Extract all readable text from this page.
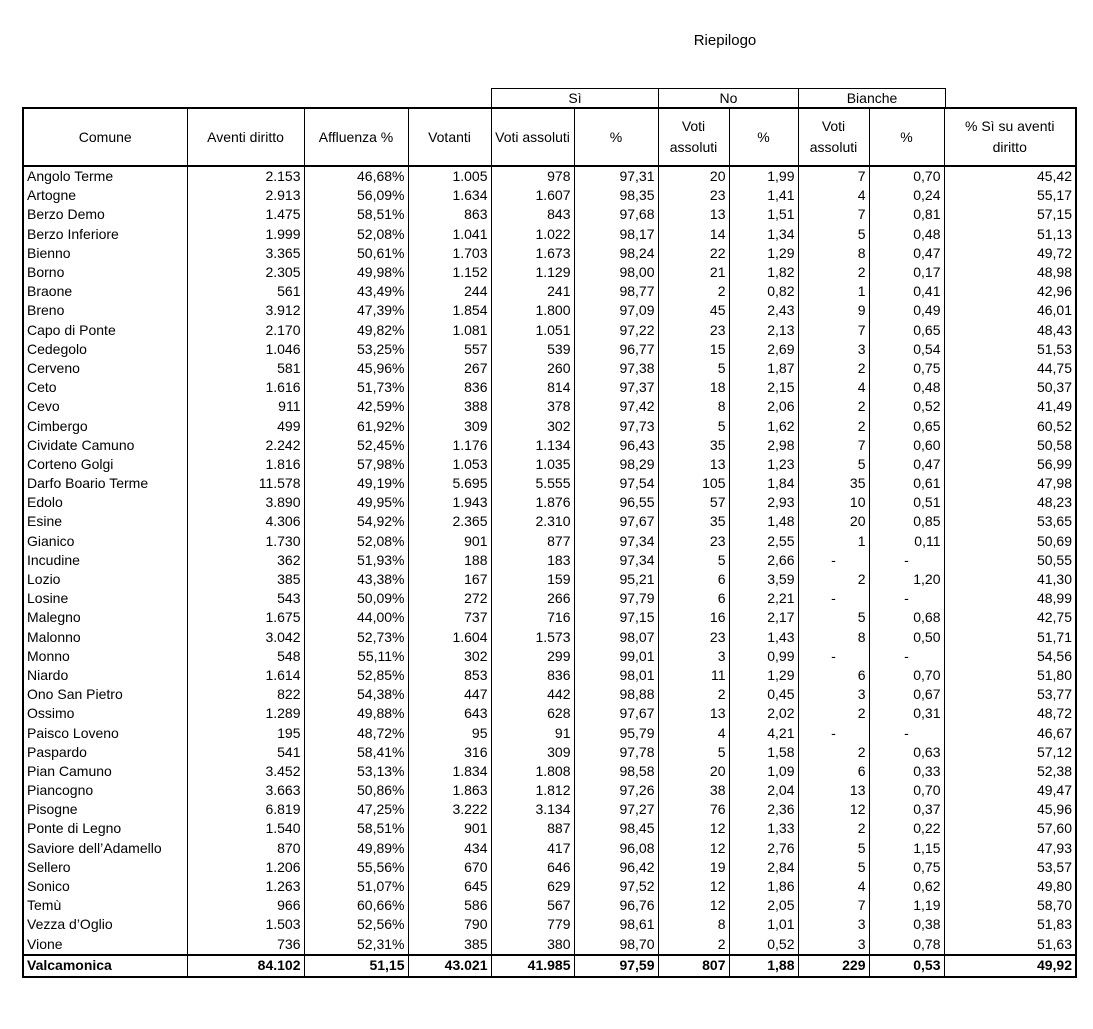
Riepilogo
Sì	No	Bianche
Comune	Aventi diritto	Affluenza %	Votanti	Voti assoluti	%	Voti assoluti	%	Voti assoluti	%	% Sì su aventi diritto
Angolo Terme	2.153	46,68%	1.005	978	97,31	20	1,99	7	0,70	45,42
Artogne	2.913	56,09%	1.634	1.607	98,35	23	1,41	4	0,24	55,17
Berzo Demo	1.475	58,51%	863	843	97,68	13	1,51	7	0,81	57,15
Berzo Inferiore	1.999	52,08%	1.041	1.022	98,17	14	1,34	5	0,48	51,13
Bienno	3.365	50,61%	1.703	1.673	98,24	22	1,29	8	0,47	49,72
Borno	2.305	49,98%	1.152	1.129	98,00	21	1,82	2	0,17	48,98
Braone	561	43,49%	244	241	98,77	2	0,82	1	0,41	42,96
Breno	3.912	47,39%	1.854	1.800	97,09	45	2,43	9	0,49	46,01
Capo di Ponte	2.170	49,82%	1.081	1.051	97,22	23	2,13	7	0,65	48,43
Cedegolo	1.046	53,25%	557	539	96,77	15	2,69	3	0,54	51,53
Cerveno	581	45,96%	267	260	97,38	5	1,87	2	0,75	44,75
Ceto	1.616	51,73%	836	814	97,37	18	2,15	4	0,48	50,37
Cevo	911	42,59%	388	378	97,42	8	2,06	2	0,52	41,49
Cimbergo	499	61,92%	309	302	97,73	5	1,62	2	0,65	60,52
Cividate Camuno	2.242	52,45%	1.176	1.134	96,43	35	2,98	7	0,60	50,58
Corteno Golgi	1.816	57,98%	1.053	1.035	98,29	13	1,23	5	0,47	56,99
Darfo Boario Terme	11.578	49,19%	5.695	5.555	97,54	105	1,84	35	0,61	47,98
Edolo	3.890	49,95%	1.943	1.876	96,55	57	2,93	10	0,51	48,23
Esine	4.306	54,92%	2.365	2.310	97,67	35	1,48	20	0,85	53,65
Gianico	1.730	52,08%	901	877	97,34	23	2,55	1	0,11	50,69
Incudine	362	51,93%	188	183	97,34	5	2,66	-	-	50,55
Lozio	385	43,38%	167	159	95,21	6	3,59	2	1,20	41,30
Losine	543	50,09%	272	266	97,79	6	2,21	-	-	48,99
Malegno	1.675	44,00%	737	716	97,15	16	2,17	5	0,68	42,75
Malonno	3.042	52,73%	1.604	1.573	98,07	23	1,43	8	0,50	51,71
Monno	548	55,11%	302	299	99,01	3	0,99	-	-	54,56
Niardo	1.614	52,85%	853	836	98,01	11	1,29	6	0,70	51,80
Ono San Pietro	822	54,38%	447	442	98,88	2	0,45	3	0,67	53,77
Ossimo	1.289	49,88%	643	628	97,67	13	2,02	2	0,31	48,72
Paisco Loveno	195	48,72%	95	91	95,79	4	4,21	-	-	46,67
Paspardo	541	58,41%	316	309	97,78	5	1,58	2	0,63	57,12
Pian Camuno	3.452	53,13%	1.834	1.808	98,58	20	1,09	6	0,33	52,38
Piancogno	3.663	50,86%	1.863	1.812	97,26	38	2,04	13	0,70	49,47
Pisogne	6.819	47,25%	3.222	3.134	97,27	76	2,36	12	0,37	45,96
Ponte di Legno	1.540	58,51%	901	887	98,45	12	1,33	2	0,22	57,60
Saviore dell’Adamello	870	49,89%	434	417	96,08	12	2,76	5	1,15	47,93
Sellero	1.206	55,56%	670	646	96,42	19	2,84	5	0,75	53,57
Sonico	1.263	51,07%	645	629	97,52	12	1,86	4	0,62	49,80
Temù	966	60,66%	586	567	96,76	12	2,05	7	1,19	58,70
Vezza d’Oglio	1.503	52,56%	790	779	98,61	8	1,01	3	0,38	51,83
Vione	736	52,31%	385	380	98,70	2	0,52	3	0,78	51,63
Valcamonica	84.102	51,15	43.021	41.985	97,59	807	1,88	229	0,53	49,92
